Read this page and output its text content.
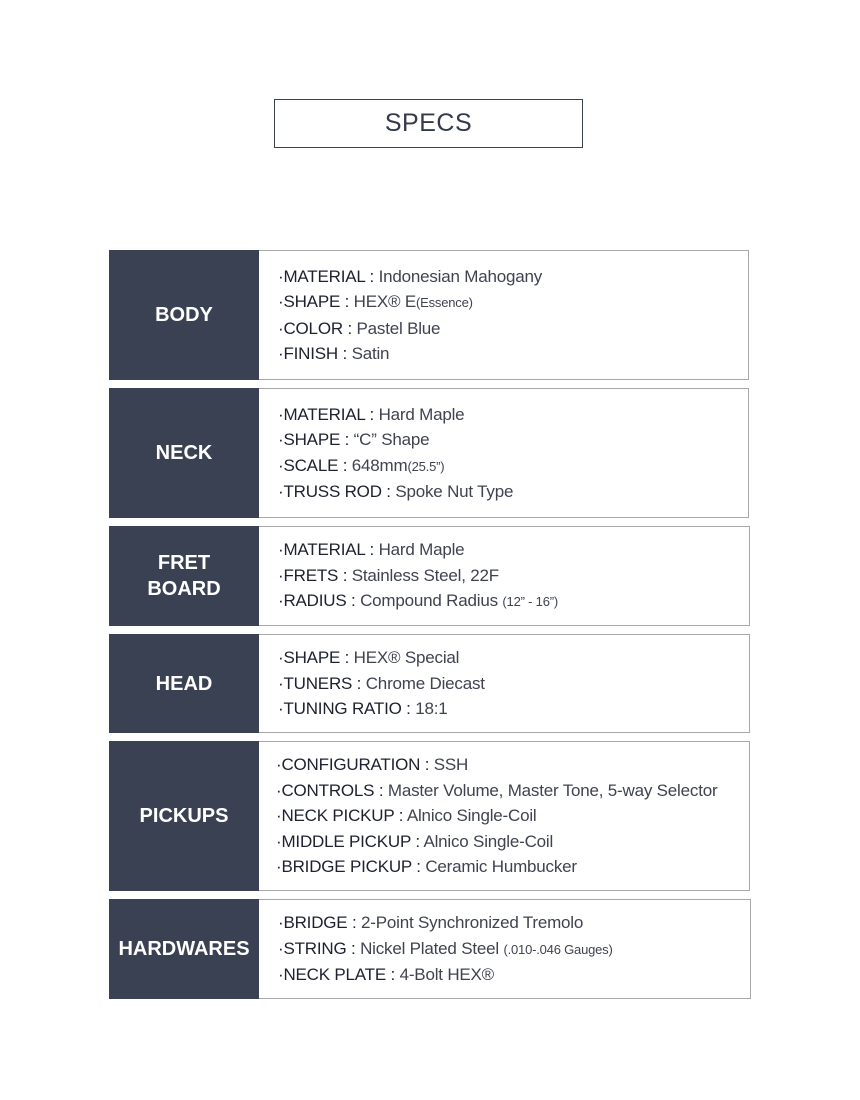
SPECS
BODY
·MATERIAL : Indonesian Mahogany
·SHAPE : HEX® E(Essence)
·COLOR : Pastel Blue
·FINISH : Satin
NECK
·MATERIAL : Hard Maple
·SHAPE : “C” Shape
·SCALE : 648mm(25.5”)
·TRUSS ROD : Spoke Nut Type
FRET
BOARD
·MATERIAL : Hard Maple
·FRETS : Stainless Steel, 22F
·RADIUS : Compound Radius (12” - 16”)
HEAD
·SHAPE : HEX® Special
·TUNERS : Chrome Diecast
·TUNING RATIO : 18:1
PICKUPS
·CONFIGURATION : SSH
·CONTROLS : Master Volume, Master Tone, 5-way Selector
·NECK PICKUP : Alnico Single-Coil
·MIDDLE PICKUP : Alnico Single-Coil
·BRIDGE PICKUP : Ceramic Humbucker
HARDWARES
·BRIDGE : 2-Point Synchronized Tremolo
·STRING : Nickel Plated Steel (.010-.046 Gauges)
·NECK PLATE : 4-Bolt HEX®
